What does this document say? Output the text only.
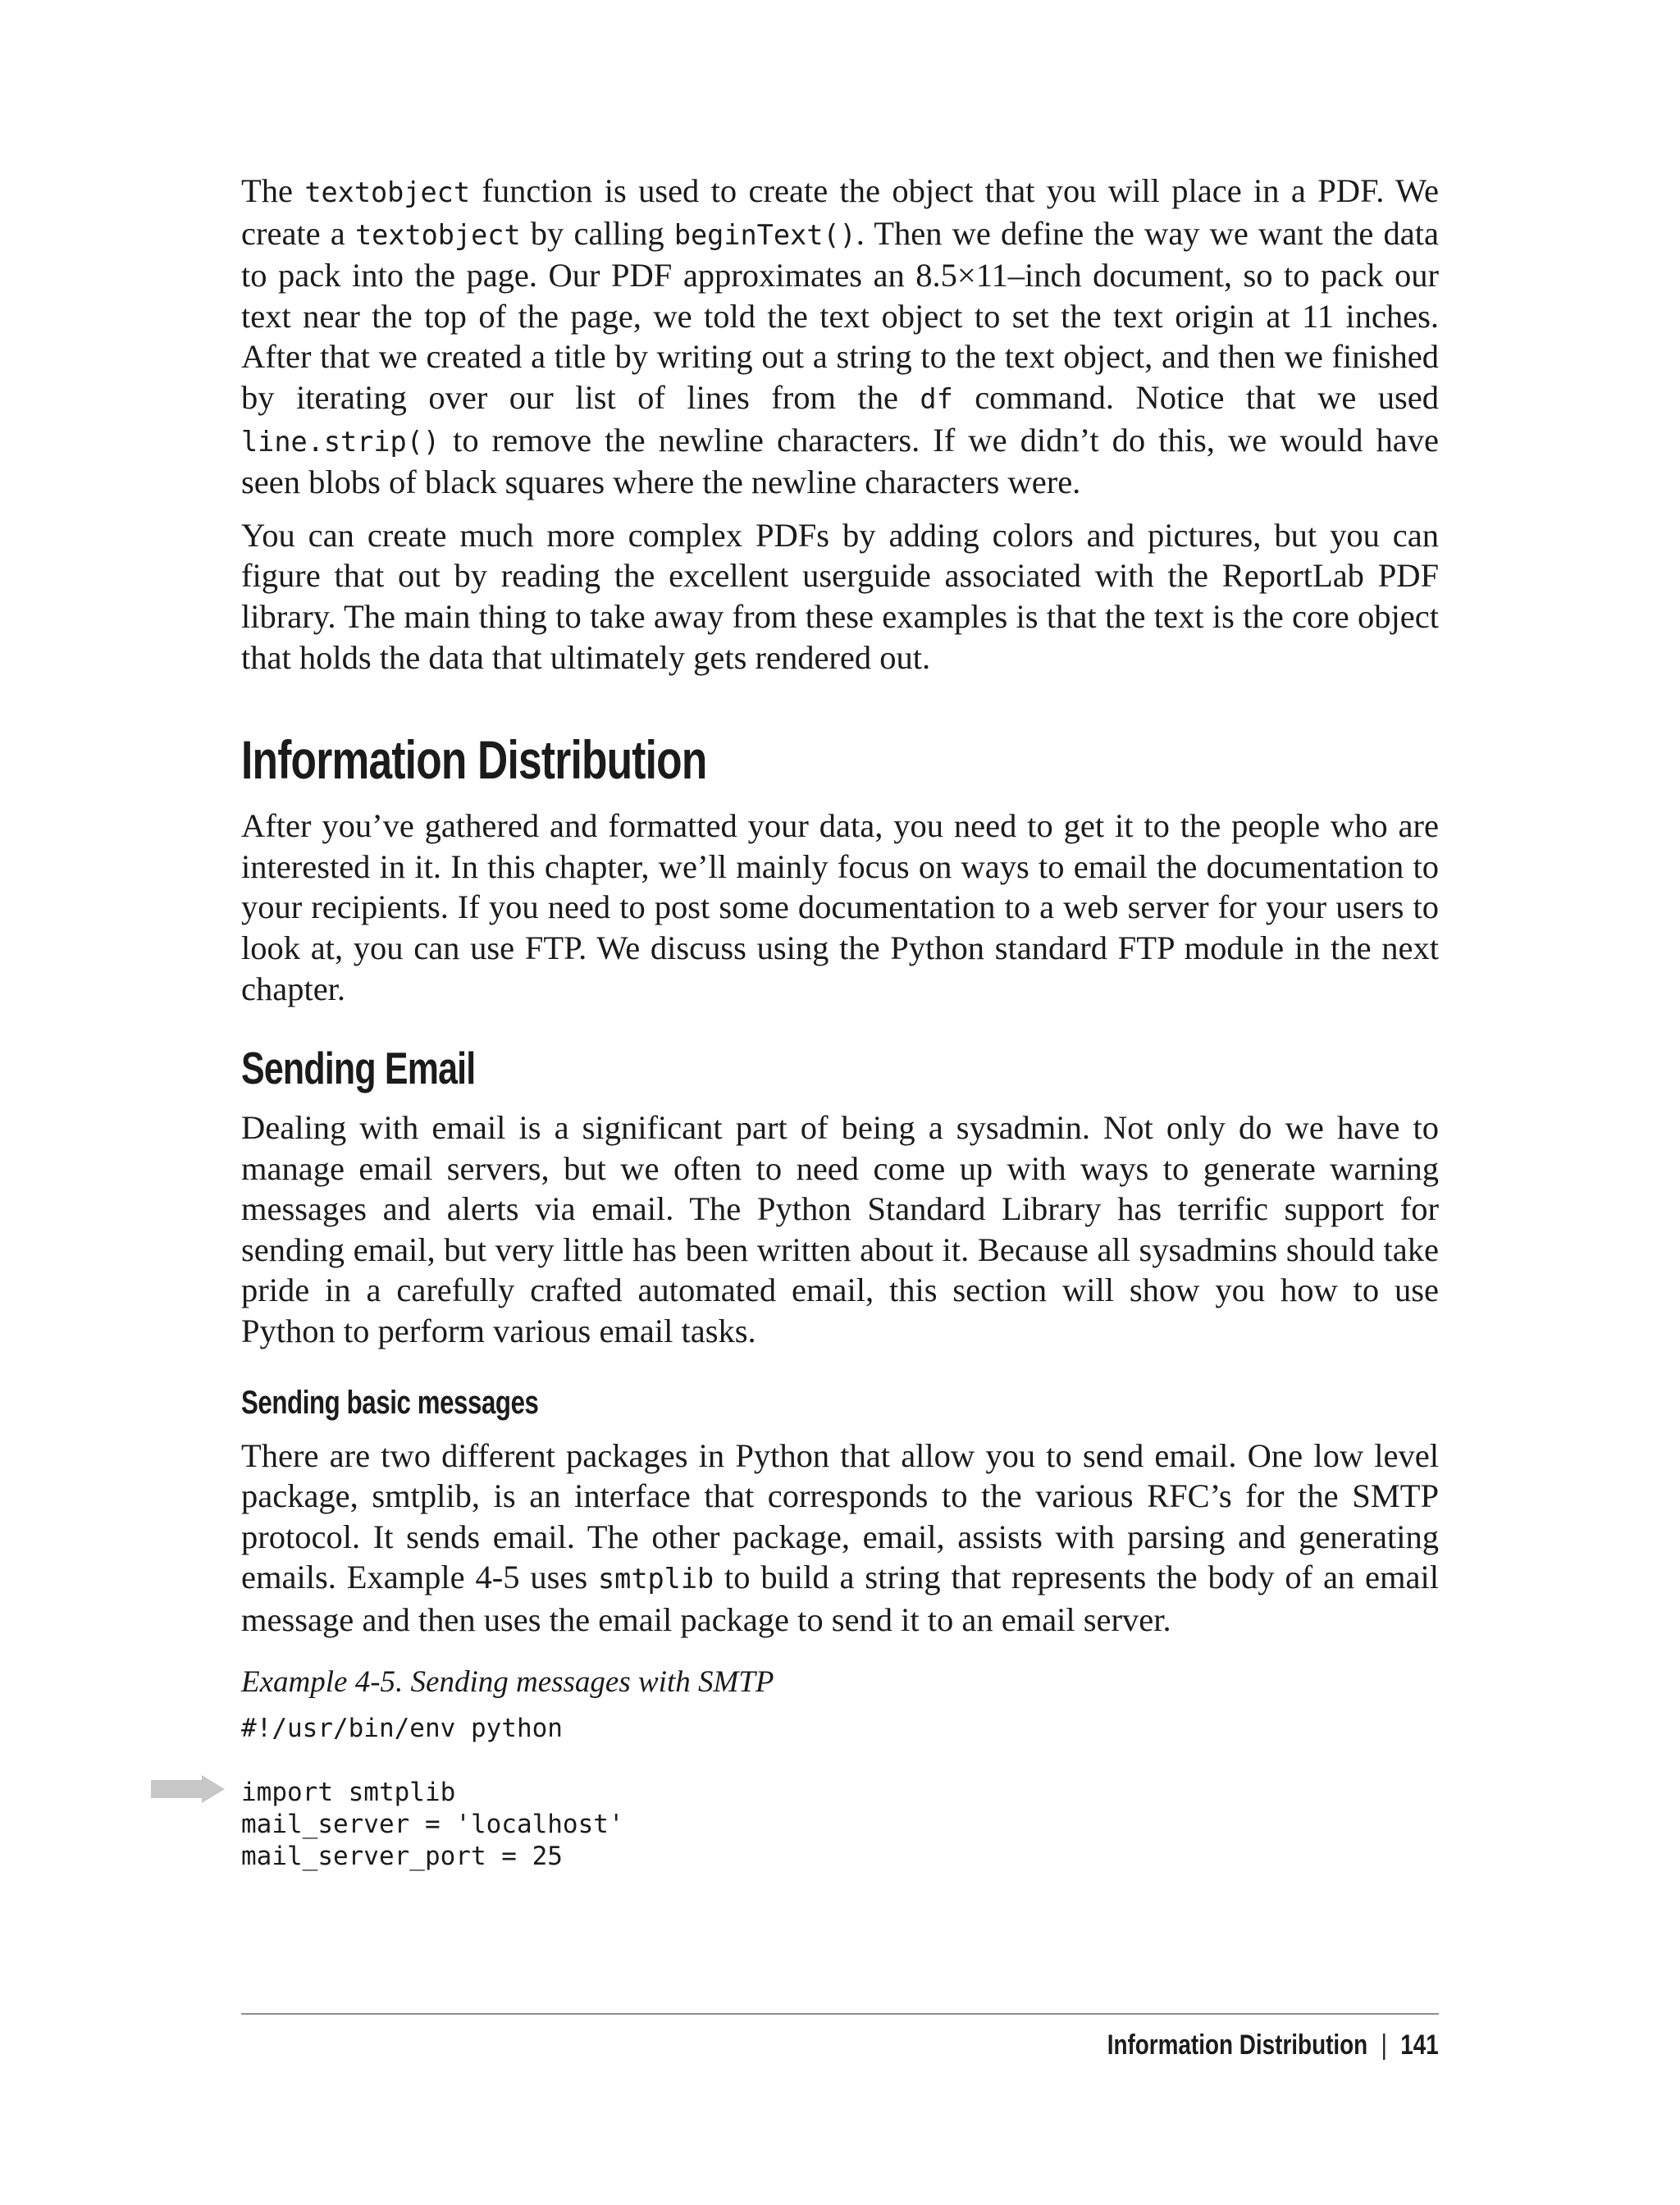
The textobject function is used to create the object that you will place in a PDF. We create a textobject by calling beginText(). Then we define the way we want the data to pack into the page. Our PDF approximates an 8.5×11–inch document, so to pack our text near the top of the page, we told the text object to set the text origin at 11 inches. After that we created a title by writing out a string to the text object, and then we finished by iterating over our list of lines from the df command. Notice that we used line.strip() to remove the newline characters. If we didn’t do this, we would have seen blobs of black squares where the newline characters were.

You can create much more complex PDFs by adding colors and pictures, but you can figure that out by reading the excellent userguide associated with the ReportLab PDF library. The main thing to take away from these examples is that the text is the core object that holds the data that ultimately gets rendered out.

Information Distribution

After you’ve gathered and formatted your data, you need to get it to the people who are interested in it. In this chapter, we’ll mainly focus on ways to email the documentation to your recipients. If you need to post some documentation to a web server for your users to look at, you can use FTP. We discuss using the Python standard FTP module in the next chapter.

Sending Email

Dealing with email is a significant part of being a sysadmin. Not only do we have to manage email servers, but we often to need come up with ways to generate warning messages and alerts via email. The Python Standard Library has terrific support for sending email, but very little has been written about it. Because all sysadmins should take pride in a carefully crafted automated email, this section will show you how to use Python to perform various email tasks.

Sending basic messages

There are two different packages in Python that allow you to send email. One low level package, smtplib, is an interface that corresponds to the various RFC’s for the SMTP protocol. It sends email. The other package, email, assists with parsing and generating emails. Example 4-5 uses smtplib to build a string that represents the body of an email message and then uses the email package to send it to an email server.

Example 4-5. Sending messages with SMTP
#!/usr/bin/env python

import smtplib
mail_server = 'localhost'
mail_server_port = 25
Information Distribution | 141
